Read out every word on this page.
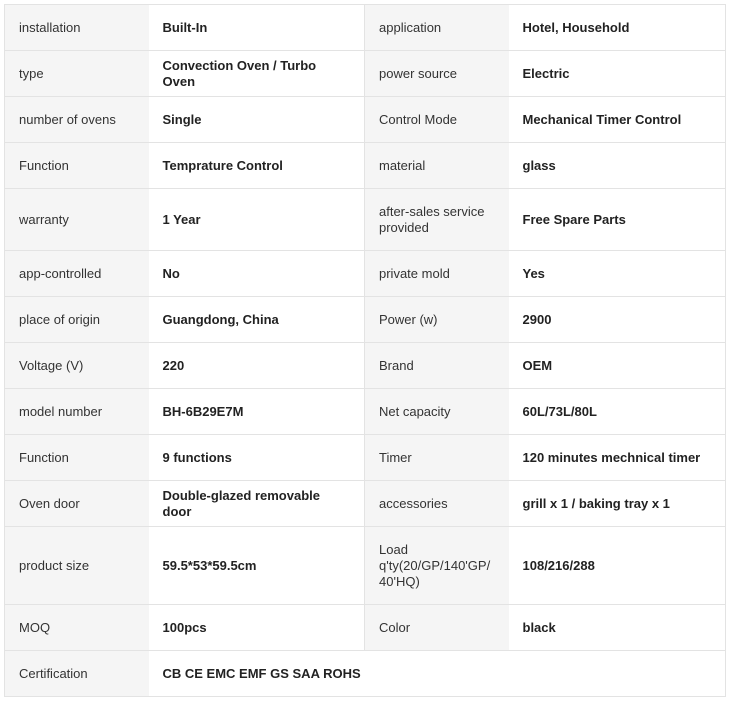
installation	Built-In	application	Hotel, Household
type	Convection Oven / Turbo Oven	power source	Electric
number of ovens	Single	Control Mode	Mechanical Timer Control
Function	Temprature Control	material	glass
warranty	1 Year	after-sales service provided	Free Spare Parts
app-controlled	No	private mold	Yes
place of origin	Guangdong, China	Power (w)	2900
Voltage (V)	220	Brand	OEM
model number	BH-6B29E7M	Net capacity	60L/73L/80L
Function	9 functions	Timer	120 minutes mechnical timer
Oven door	Double-glazed removable door	accessories	grill x 1 / baking tray x 1
product size	59.5*53*59.5cm	Load q'ty(20/GP/140'GP/ 40'HQ)	108/216/288
MOQ	100pcs	Color	black
Certification	CB CE EMC EMF GS SAA ROHS		
